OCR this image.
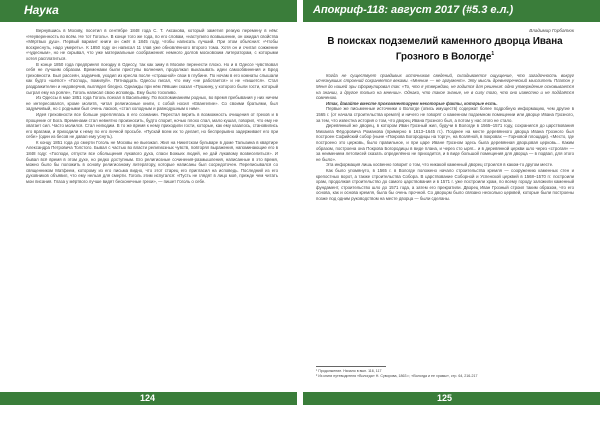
Наука	Апокриф-118: август 2017 (#5.3 е.л.)

Вернувшись в Москву, посетил в сентябре 1848 года С. Т. Аксакова, который заметил резкую перемену в нём: «Неуверенность во всём. Не тот Гоголь». В конце того же года, по его словам, «наступило возвышение, он ожидал свойства «Мёртвых душ». Первый вариант книги он сжёг в 1845 году, чтобы написать лучший. При этом объяснил: «Чтобы воскреснуть, надо умереть». К 1850 году он написал 11 глав уже обновлённого второго тома. Хотя он и считал сожжение «чудесным», но не скрывал, что уже материальные соображения: немного долгов московским литераторам, с которыми хотел расплатиться.

В конце 1850 года предпринял поездку в Одессу, так как зиму в Москве перенести плохо. Но и в Одессе чувствовал себя не лучшим образом. Временами были приступы волнения, продолжал выказывать идеи самообвинения и Бред греховности. Был рассеян, задумчив, уходил из кресла после «страшной» свои в глубине. По ночам в его комнаты слышали как будто «шёпот» «Господь, помилуй». Пятнадцать Одессы писал, что ему «не работается» и не «пишется». Стал раздражителен и недоверчив, выглядел бледно. Однажды при нём Лёвшин сказал «Пушкину, у которого были гости, который сыграл ему на рояле», Гоголь написал свою исповедь. Ему было тоскливо.

Из Одессы в мае 1851 года Гоголь поехал в Васильевку. По воспоминаниям родных, во время пребывания у них ничем не интересовался, кроме молитв, читал религиозные книги, с собой носил «Евангелие». Со своими братьями, был задумчивый, но с родными был очень ласков, «стал холодным и равнодушным к ним».

Идея греховности все больше укреплялась в его сознании. Перестал верить в возможность очищения от грехов и в прощение от Бога. Временами стал невнятно произносить, будто спорит, ночью плохо спал, мало кушал, говорил, что ему не хватает сил. Часто молился. Стал нелюдим. В то же время к нему приходили гости, которые, как ему казалось, становились его врагами, и приходили к нему по его личной просьбе. «Пускай всем их то делает, но беспрерывно задерживает его при себе» (один из бесов не давал ему уснуть).

К концу 1851 года до смерти Гоголь не Москвы не выезжал. Жил на Никитском бульваре в доме Талызина в квартире Александра Петровича Толстого. Бывал с частью во власти религиозных чувств, повторял выражения, напоминающие его в 1848 году: «Господи, отпусти все обольщения лукавого духа, спаси Божьих людей, не дай лукавому возвеселиться». И бывал всё время в этом духе, но редко доступным. Его религиозные сочинения-размышления, написанные в это время, можно было бы положить в основу религиозному литератору, которые написаны был сосредоточен. Переписывался со священником Матфеем, которому из его письма видно, что этот старец его пригласил на исповедь. Последний из его духовников объявил, что ему нельзя для смерти. Гоголь этим испугался: «Пусть не глядят в лицо моё, прежде чем читать мои писания. Глаза у мёртвого лучше видят бесконечные грехи», — пишет Гоголь о себе.

Владимир Горбатюк
В поисках подземелий каменного дворца Ивана Грозного в Вологде$^1$

Когда не существует правдивых источников сведений, складывается ощущение, что загадочность вокруг исчезнувших строений сохраняется веками. «Мнение — не аргумент». Эту мысль древнегреческий мыслитель Платон у Меня до нашей эры сформулировал так: «То, что я утверждаю, не годится для решения: одно утверждение основывается на знании, а другое только на мнении». Однако, что такое знание, не в силу того, что оно известно и не поддаётся сомнению.

Итак, давайте вместе прокомментируем некоторые факты, которые есть.

Первые же письменные источники о Вологде (опись имуществ) содержат более подробную информацию, чем другие в 1565 г. (от начала строительства кремля) и ничего не говорят о каменном подземном помещении или дворце Ивана Грозного, за тем, что известна история о том, что дворец Ивана Грозного был, а потом у нас этого не стало.

Деревянный же дворец, в котором Иван Грозный жил, будучи в Вологде в 1565–1571 году, сохранился до царствования Михаила Фёдоровича Романова (примерно в 1613–1645 гг.). Позднее на месте деревянного дворца Ивана Грозного был построен Софийский собор (ныне «Покрова Богородицы на торгу», на Козлёной, в покровах — Горновой площади). «Место, где построено это церковь, было правильное, и при царе Иване Грозном здесь была деревянная дворцовая церковь... Каким образом, построена она Покрова Богородицы в виде плана, и через сто ыряг... и в деревянной церкви шло через «строгая» — за неимением летописей сказать определённо не приходится, и в виде большой помещения для дворца — в подвал, для этого не было».

Эта информация лишь косвенно говорит о том, что никакой каменный дворец строился в каком-то другом месте.

Как было упомянуто, в 1565 г. в Вологде положено начало строительства кремля — сооружению каменных стен и крепостных ворот, а также строительства Собора. В царствование Соборной и Успенской церквей в 1568–1570 гг. построили храм, продолжая строительство до самого царствования и в 1571 г. уже построили храм, по всему городу заложили каменный фундамент, строительство шло до 1571 года, а затем его прекратили. Дворец Иван Грозный строил таким образом, что его основа, как и основа кремля, была бы очень прочной. Со дворцом было связано несколько церквей, которые были построены позже под одним руководством на месте дворца — были сделаны.

¹ Продолжение. Начало в вып. 116, 117
² Из книги путеводителя «Вологда» Н. Суворова, 1863 г.; «Вологда и ее храмы», стр. 64, 216-217
124	125
